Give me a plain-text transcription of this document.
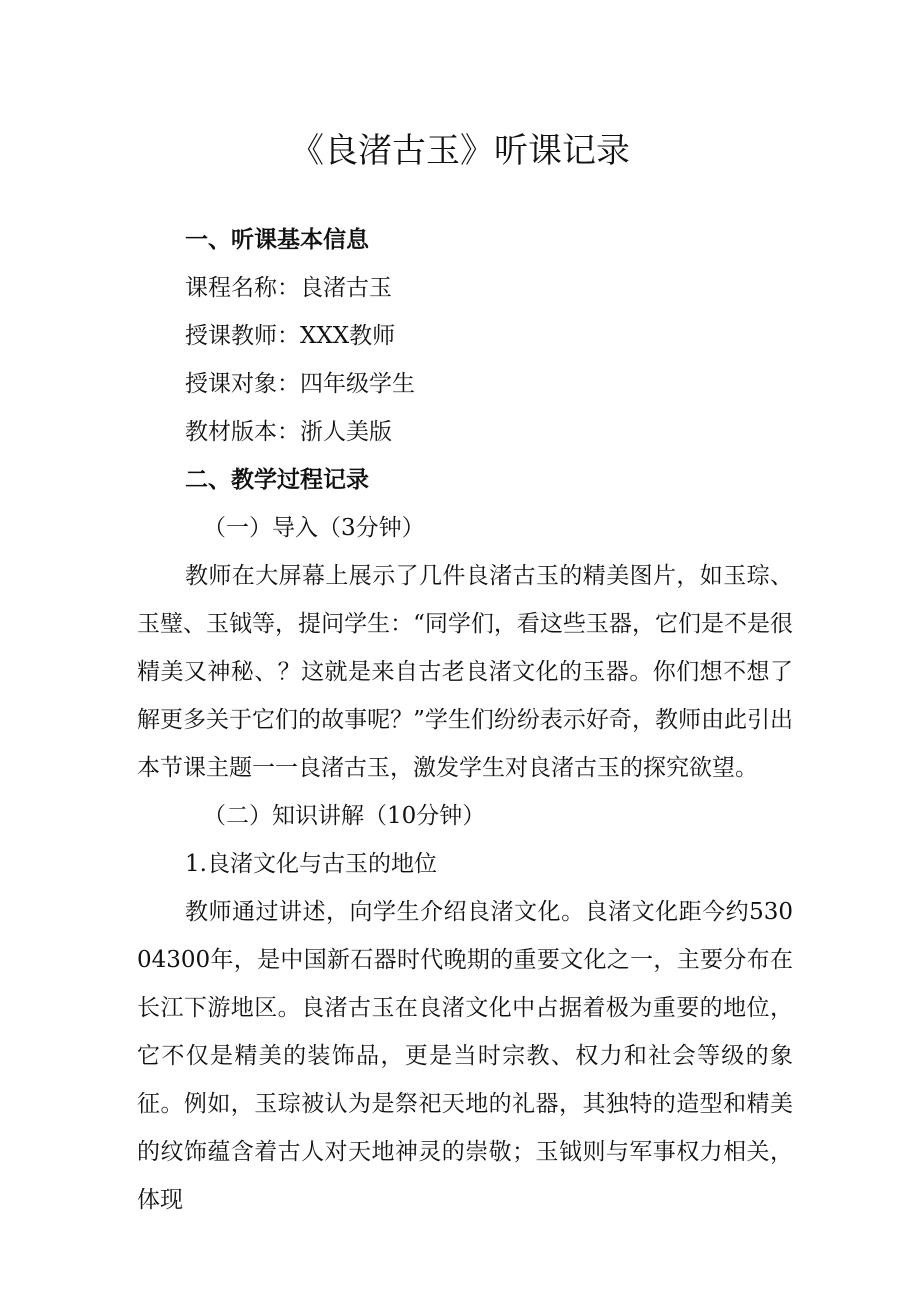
《良渚古玉》听课记录
一、听课基本信息
课程名称：良渚古玉
授课教师：XXX教师
授课对象：四年级学生
教材版本：浙人美版
二、教学过程记录
（一）导入（3分钟）
教师在大屏幕上展示了几件良渚古玉的精美图片，如玉琮、玉璧、玉钺等，提问学生：“同学们，看这些玉器，它们是不是很精美又神秘、？这就是来自古老良渚文化的玉器。你们想不想了解更多关于它们的故事呢？”学生们纷纷表示好奇，教师由此引出本节课主题一一良渚古玉，激发学生对良渚古玉的探究欲望。
（二）知识讲解（10分钟）
1.良渚文化与古玉的地位
教师通过讲述，向学生介绍良渚文化。良渚文化距今约53004300年，是中国新石器时代晚期的重要文化之一，主要分布在长江下游地区。良渚古玉在良渚文化中占据着极为重要的地位，它不仅是精美的装饰品，更是当时宗教、权力和社会等级的象征。例如，玉琮被认为是祭祀天地的礼器，其独特的造型和精美的纹饰蕴含着古人对天地神灵的崇敬；玉钺则与军事权力相关，体现
